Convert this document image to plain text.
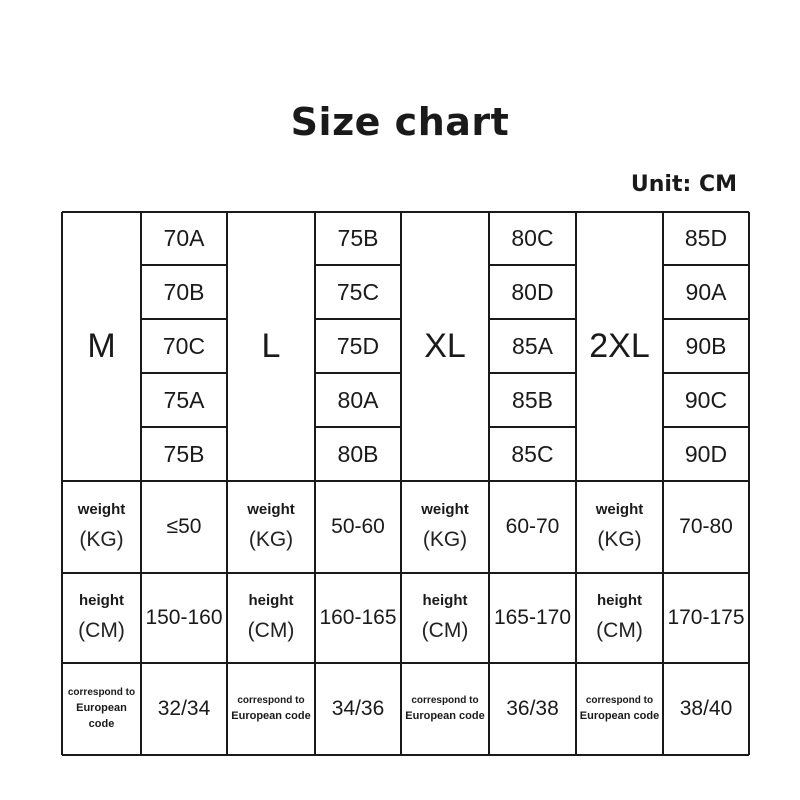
Size chart
Unit: CM
M
70A
70B
70C
75A
75B
weight
(KG)
≤50
height
(CM)
150-160
correspond to
European code
32/34
L
75B
75C
75D
80A
80B
weight
(KG)
50-60
height
(CM)
160-165
correspond to
European code 34/36
XL
80C
80D
85A
85B
85C
weight
(KG)
60-70
height
(CM)
165-170
correspond to
European code	36/38
2XL
85D
90A
90B
90C
90D
weight
(KG)
70-80
height
(CM)
170-175
correspond to
European code 38/40
